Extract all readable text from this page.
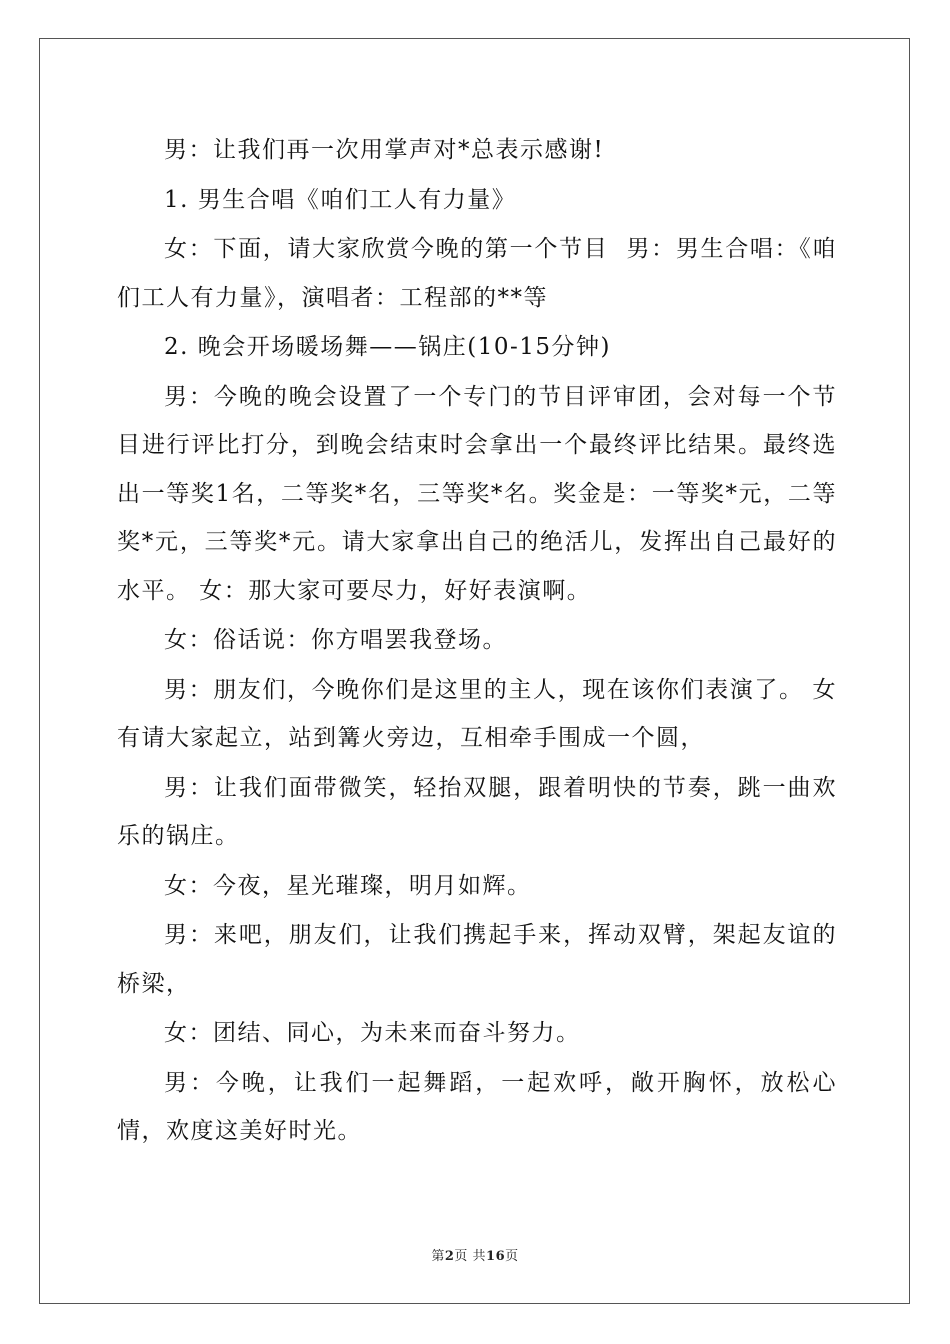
男：让我们再一次用掌声对*总表示感谢!

1. 男生合唱《咱们工人有力量》

女：下面，请大家欣赏今晚的第一个节目  男：男生合唱：《咱们工人有力量》，演唱者：工程部的**等

2. 晚会开场暖场舞——锅庄(10-15分钟)

男：今晚的晚会设置了一个专门的节目评审团，会对每一个节目进行评比打分，到晚会结束时会拿出一个最终评比结果。最终选出一等奖1名，二等奖*名，三等奖*名。奖金是：一等奖*元，二等奖*元，三等奖*元。请大家拿出自己的绝活儿，发挥出自己最好的水平。 女：那大家可要尽力，好好表演啊。

女：俗话说：你方唱罢我登场。

男：朋友们，今晚你们是这里的主人，现在该你们表演了。 女有请大家起立，站到篝火旁边，互相牵手围成一个圆，

男：让我们面带微笑，轻抬双腿，跟着明快的节奏，跳一曲欢乐的锅庄。

女：今夜，星光璀璨，明月如辉。

男：来吧，朋友们，让我们携起手来，挥动双臂，架起友谊的桥梁，

女：团结、同心，为未来而奋斗努力。

男：今晚，让我们一起舞蹈，一起欢呼，敞开胸怀，放松心情，欢度这美好时光。

第2页 共16页
